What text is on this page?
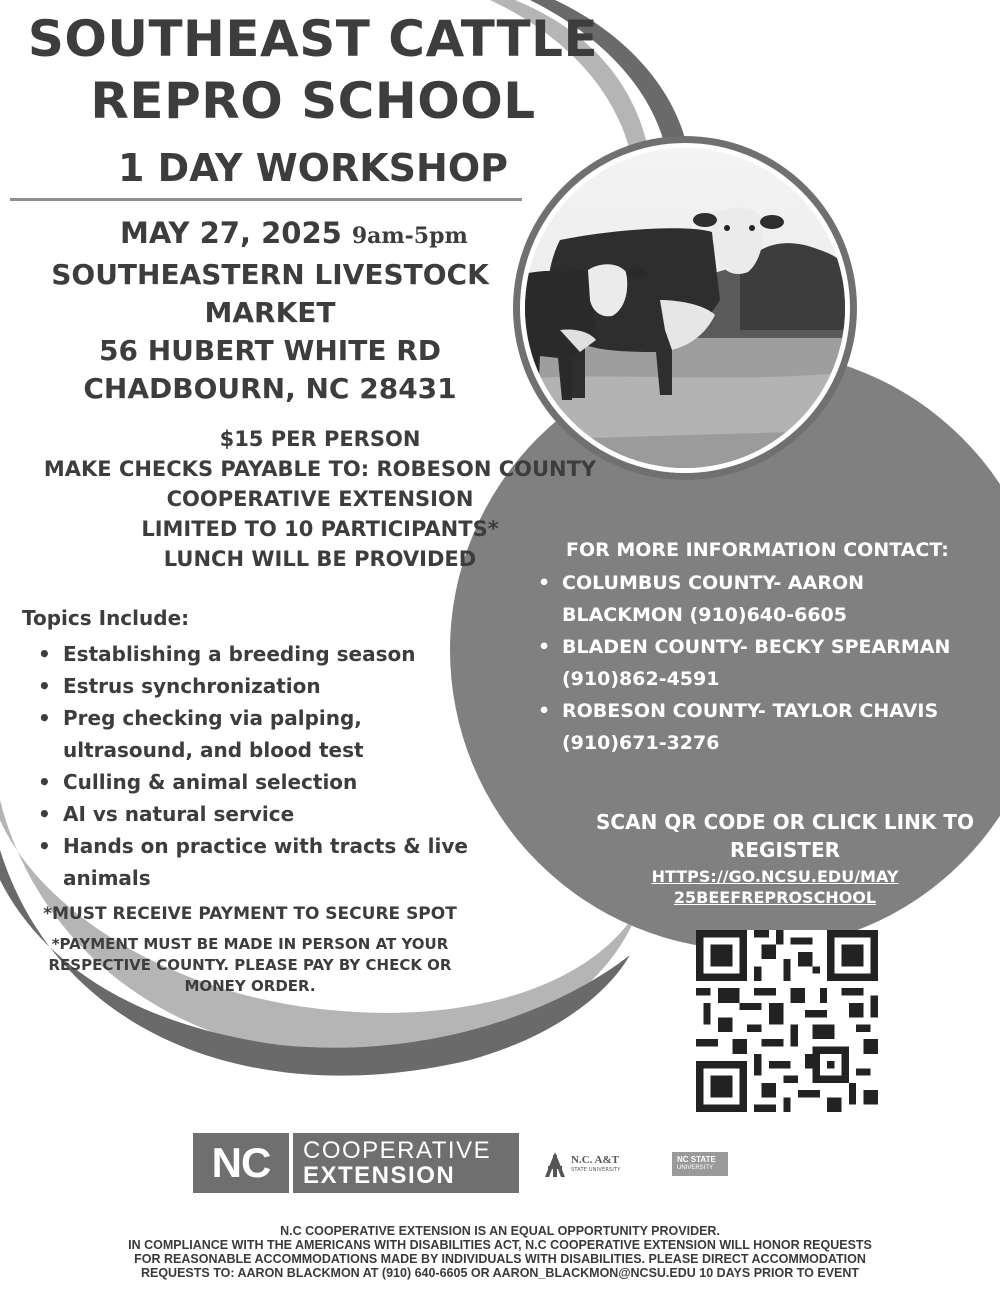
SOUTHEAST CATTLE
REPRO SCHOOL
1 DAY WORKSHOP
MAY 27, 2025 9am-5pm
SOUTHEASTERN LIVESTOCK
MARKET
56 HUBERT WHITE RD
CHADBOURN, NC 28431
$15 PER PERSON
MAKE CHECKS PAYABLE TO: ROBESON COUNTY
COOPERATIVE EXTENSION
LIMITED TO 10 PARTICIPANTS*
LUNCH WILL BE PROVIDED
Topics Include:
• Establishing a breeding season
• Estrus synchronization
• Preg checking via palping, ultrasound, and blood test
• Culling & animal selection
• AI vs natural service
• Hands on practice with tracts & live animals
*MUST RECEIVE PAYMENT TO SECURE SPOT
*PAYMENT MUST BE MADE IN PERSON AT YOUR RESPECTIVE COUNTY. PLEASE PAY BY CHECK OR MONEY ORDER.
FOR MORE INFORMATION CONTACT:
• COLUMBUS COUNTY- AARON BLACKMON (910)640-6605
• BLADEN COUNTY- BECKY SPEARMAN (910)862-4591
• ROBESON COUNTY- TAYLOR CHAVIS (910)671-3276
SCAN QR CODE OR CLICK LINK TO REGISTER
HTTPS://GO.NCSU.EDU/MAY
25BEEFREPROSCHOOL
NC	COOPERATIVE
EXTENSION
N.C. A&T
STATE UNIVERSITY
NC STATE
UNIVERSITY
N.C COOPERATIVE EXTENSION IS AN EQUAL OPPORTUNITY PROVIDER.
IN COMPLIANCE WITH THE AMERICANS WITH DISABILITIES ACT, N.C COOPERATIVE EXTENSION WILL HONOR REQUESTS
FOR REASONABLE ACCOMMODATIONS MADE BY INDIVIDUALS WITH DISABILITIES. PLEASE DIRECT ACCOMMODATION
REQUESTS TO: AARON BLACKMON AT (910) 640-6605 OR AARON_BLACKMON@NCSU.EDU 10 DAYS PRIOR TO EVENT
